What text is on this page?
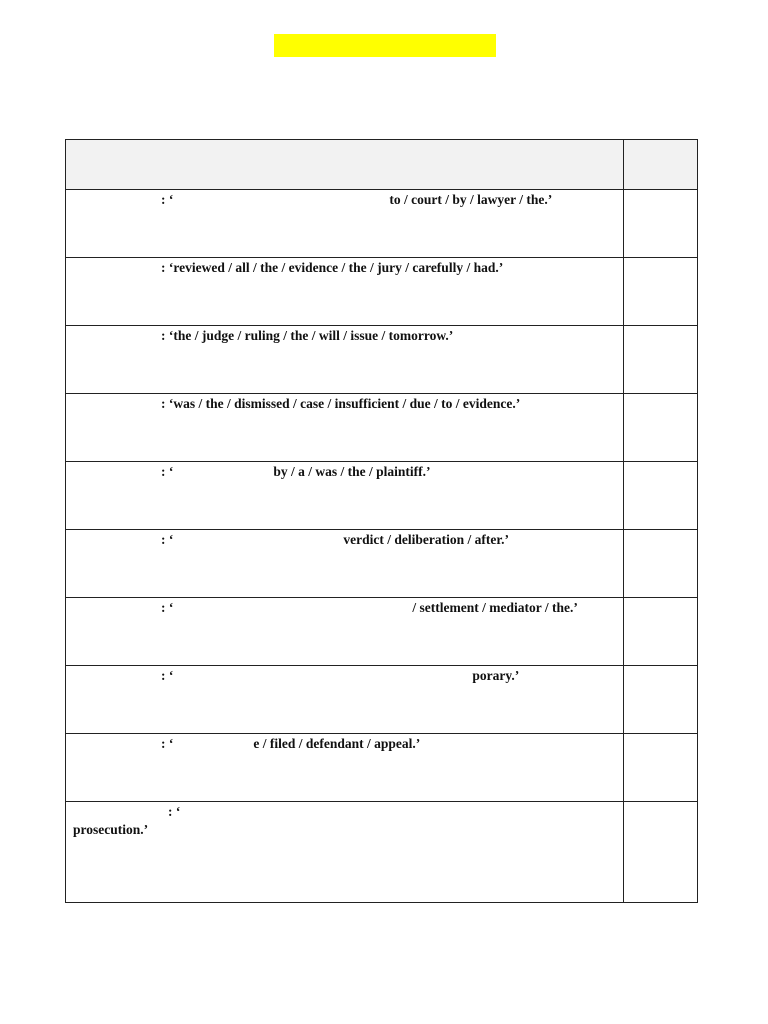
: ‘ to / court / by / lawyer / the.’	

: ‘reviewed / all / the / evidence / the / jury / carefully / had.’	

: ‘the / judge / ruling / the / will / issue / tomorrow.’	

: ‘was / the / dismissed / case / insufficient / due / to / evidence.’	

: ‘ by / a / was / the / plaintiff.’	

: ‘ verdict / deliberation / after.’	

: ‘ / settlement / mediator / the.’	

: ‘ porary.’	

: ‘ e / filed / defendant / appeal.’	

: ‘
prosecution.’	
